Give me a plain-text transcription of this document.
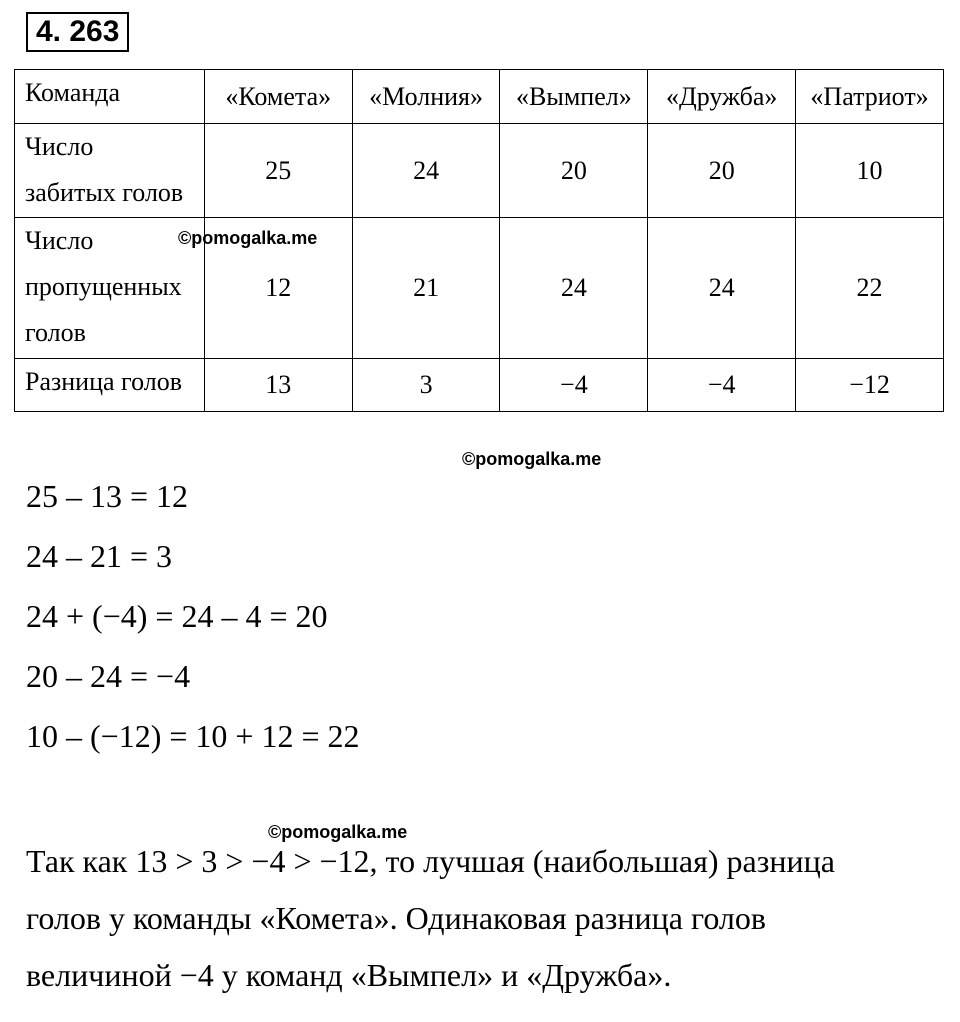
4. 263
Команда	«Комета»	«Молния»	«Вымпел»	«Дружба»	«Патриот»

Число
забитых голов	25	24	20	20	10

Число
пропущенных
голов	12	21	24	24	22

Разница голов	13	3	−4	−4	−12
©pomogalka.me
©pomogalka.me
©pomogalka.me
25 – 13 = 12
24 – 21 = 3
24 + (−4) = 24 – 4 = 20
20 – 24 = −4
10 – (−12) = 10 + 12 = 22

Так как 13 > 3 > −4 > −12, то лучшая (наибольшая) разница

голов у команды «Комета». Одинаковая разница голов

величиной −4 у команд «Вымпел» и «Дружба».
